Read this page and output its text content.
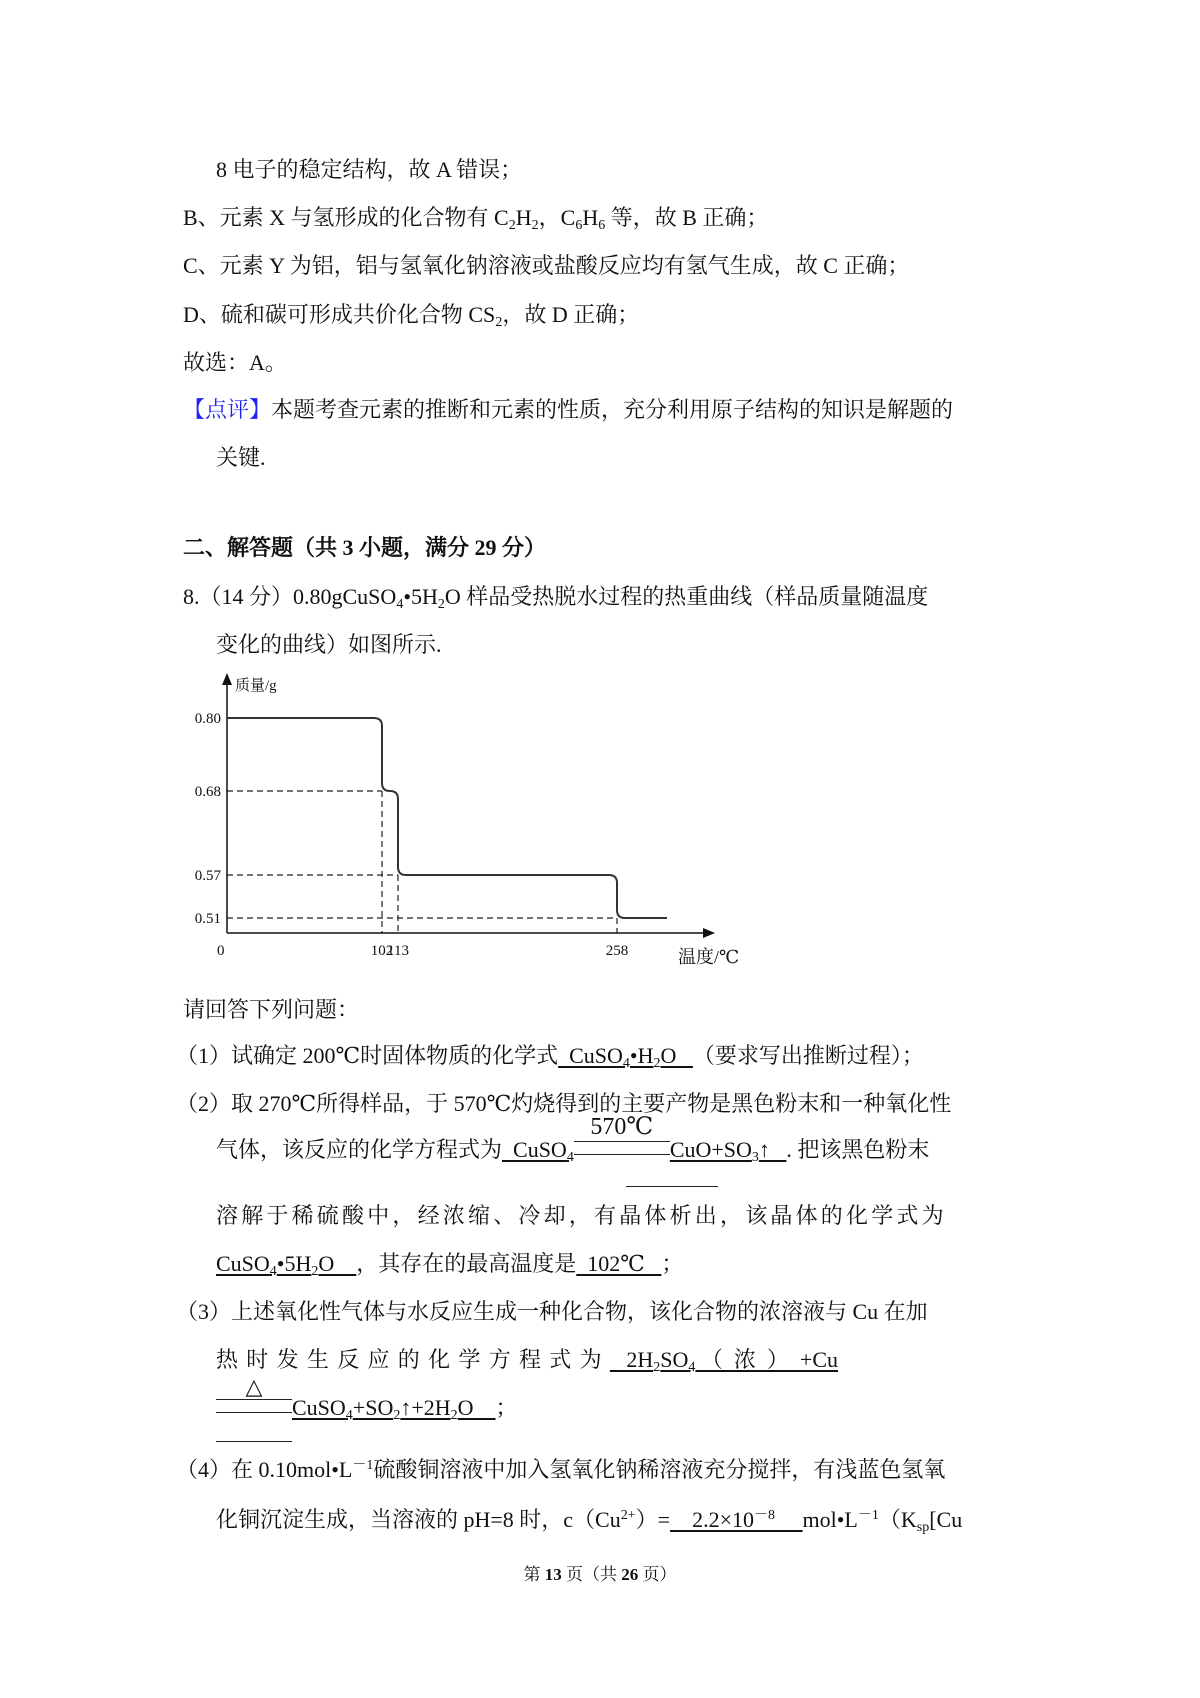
8 电子的稳定结构，故 A 错误；
B、元素 X 与氢形成的化合物有 $C_2H_2$，$C_6H_6$ 等，故 B 正确；
C、元素 Y 为铝，铝与氢氧化钠溶液或盐酸反应均有氢气生成，故 C 正确；
D、硫和碳可形成共价化合物 $CS_2$，故 D 正确；
故选：A。
【点评】本题考查元素的推断和元素的性质，充分利用原子结构的知识是解题的
关键.
二、解答题（共 3 小题，满分 29 分）
8.（14 分）$0.80gCuSO_4•5H_2O$ 样品受热脱水过程的热重曲线（样品质量随温度
变化的曲线）如图所示.
0.80
0.68
0.57
0.51
0	102
113	258
质量/g
温度/℃
请回答下列问题：
（1）试确定 200℃时固体物质的化学式  $CuSO_4•H_2O$   （要求写出推断过程）；
（2）取 270℃所得样品，于 570℃灼烧得到的主要产物是黑色粉末和一种氧化性
气体，该反应的化学方程式为  CuSO$_4$
570℃
$CuO+SO_3↑$   . 把该黑色粉末
溶解于稀硫酸中，经浓缩、冷却，有晶体析出，该晶体的化学式为
$CuSO_4•5H_2O$    ，其存在的最高温度是  102℃   ；
（3）上述氧化性气体与水反应生成一种化合物，该化合物的浓溶液与 Cu 在加
热时发生反应的化学方程式为   $2H_2SO_4$ （  浓  ）  +Cu
△
$CuSO_4+SO_2↑+2H_2O$    ；
（4）在 $0.10mol•L^{-1}$硫酸铜溶液中加入氢氧化钠稀溶液充分搅拌，有浅蓝色氢氧
化铜沉淀生成，当溶液的 pH=8 时，$c(Cu^{2+})=$    $2.2\times 10^{-8}$ $mol•L^{-1}(K_{sp}[Cu$
第 13 页（共 26 页）
